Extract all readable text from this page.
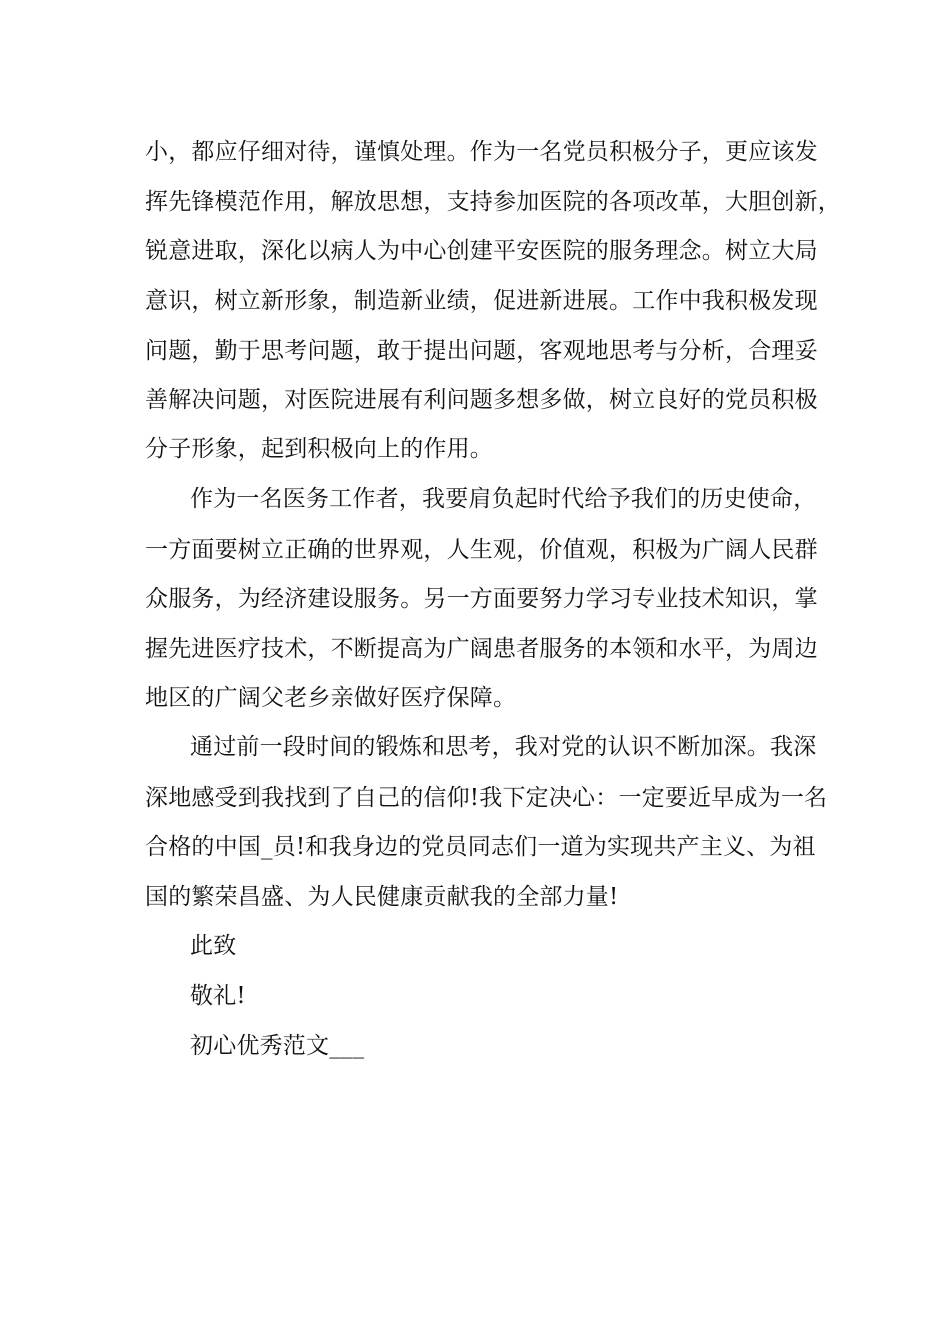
小，都应仔细对待，谨慎处理。作为一名党员积极分子，更应该发
挥先锋模范作用，解放思想，支持参加医院的各项改革，大胆创新，
锐意进取，深化以病人为中心创建平安医院的服务理念。树立大局
意识，树立新形象，制造新业绩，促进新进展。工作中我积极发现
问题，勤于思考问题，敢于提出问题，客观地思考与分析，合理妥
善解决问题，对医院进展有利问题多想多做，树立良好的党员积极
分子形象，起到积极向上的作用。
作为一名医务工作者，我要肩负起时代给予我们的历史使命，
一方面要树立正确的世界观，人生观，价值观，积极为广阔人民群
众服务，为经济建设服务。另一方面要努力学习专业技术知识，掌
握先进医疗技术，不断提高为广阔患者服务的本领和水平，为周边
地区的广阔父老乡亲做好医疗保障。
通过前一段时间的锻炼和思考，我对党的认识不断加深。我深
深地感受到我找到了自己的信仰!我下定决心：一定要近早成为一名
合格的中国_员!和我身边的党员同志们一道为实现共产主义、为祖
国的繁荣昌盛、为人民健康贡献我的全部力量!
此致
敬礼!
初心优秀范文___
